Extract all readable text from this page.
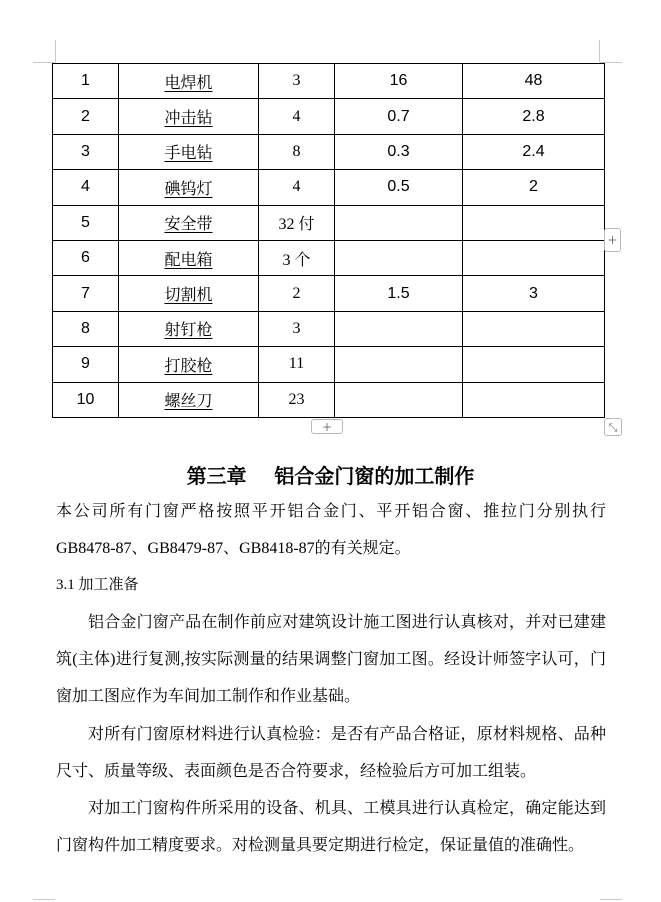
1	电焊机	3	16	48
2	冲击钻	4	0.7	2.8
3	手电钻	8	0.3	2.4
4	碘钨灯	4	0.5	2
5	安全带	32 付		
6	配电箱	3 个		
7	切割机	2	1.5	3
8	射钉枪	3		
9	打胶枪	11		
10	螺丝刀	23		
+
+	⤡
第三章    铝合金门窗的加工制作

本公司所有门窗严格按照平开铝合金门、平开铝合窗、推拉门分别执行GB8478-87、GB8479-87、GB8418-87的有关规定。

3.1 加工准备

铝合金门窗产品在制作前应对建筑设计施工图进行认真核对，并对已建建筑(主体)进行复测,按实际测量的结果调整门窗加工图。经设计师签字认可，门窗加工图应作为车间加工制作和作业基础。

对所有门窗原材料进行认真检验：是否有产品合格证，原材料规格、品种尺寸、质量等级、表面颜色是否合符要求，经检验后方可加工组装。

对加工门窗构件所采用的设备、机具、工模具进行认真检定，确定能达到门窗构件加工精度要求。对检测量具要定期进行检定，保证量值的准确性。
